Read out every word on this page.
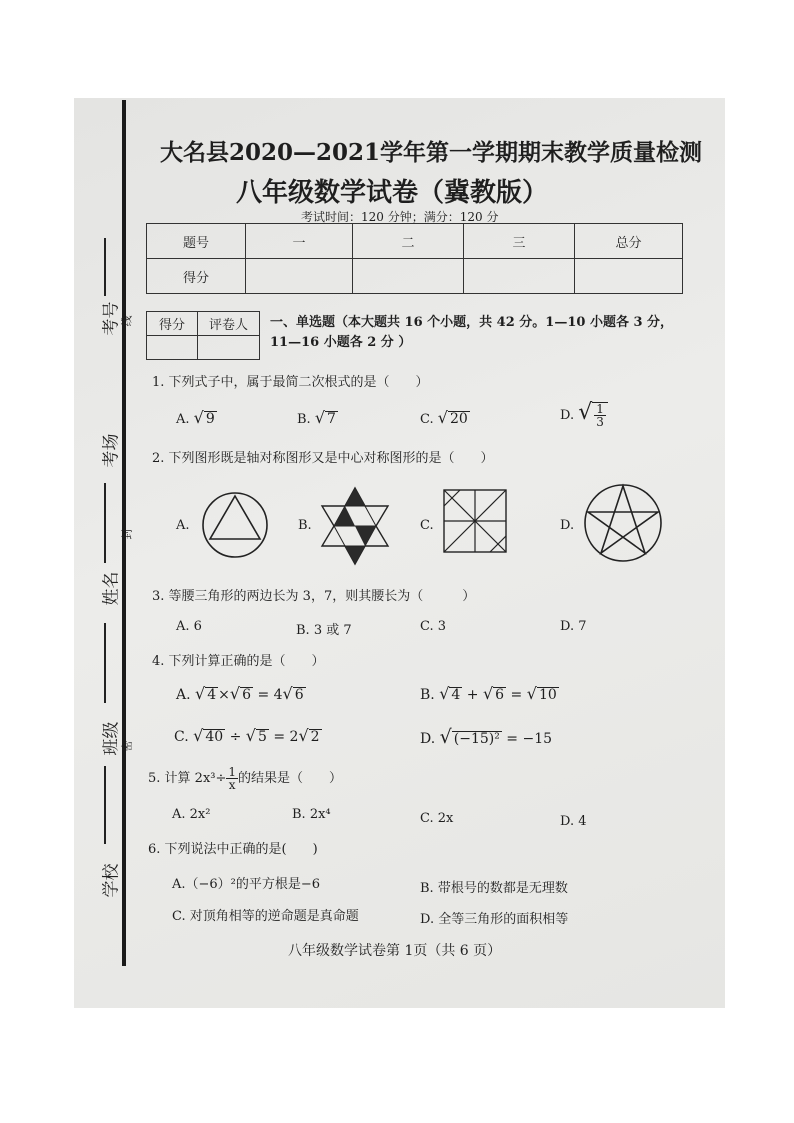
考号 线
考场
封
姓名
班级 密
学校
大名县2020—2021学年第一学期期末教学质量检测
八年级数学试卷（冀教版）
考试时间：120 分钟；满分：120 分
题号	一	二	三	总分
得分				
得分	评卷人
	一、单选题（本大题共 16 个小题，共 42 分。1—10 小题各 3 分，
11—16 小题各 2 分 ）
1. 下列式子中，属于最简二次根式的是（　　）
A. √ 9	B. √ 7	C. √ 20	D. √ $\frac{1}{3}$
2. 下列图形既是轴对称图形又是中心对称图形的是（　　）
A.	B.	C.	D.
3. 等腰三角形的两边长为 3，7，则其腰长为（　　　）
A. 6	B. 3 或 7	C. 3	D. 7
4. 下列计算正确的是（　　）
A. √ 4 ×√ 6 = 4√ 6	B. √ 4 + √ 6 = √ 10
C. √ 40 ÷ √ 5 = 2√ 2	D. √ (−15)² = −15
5. 计算 $2x^3\div \frac{1}{x}$ 的结果是（　　）
A. 2x²	B. 2x⁴	C. 2x	D. 4
6. 下列说法中正确的是(　　)
A.（−6）²的平方根是−6	B. 带根号的数都是无理数
C. 对顶角相等的逆命题是真命题	D. 全等三角形的面积相等
八年级数学试卷第 1页（共 6 页）
